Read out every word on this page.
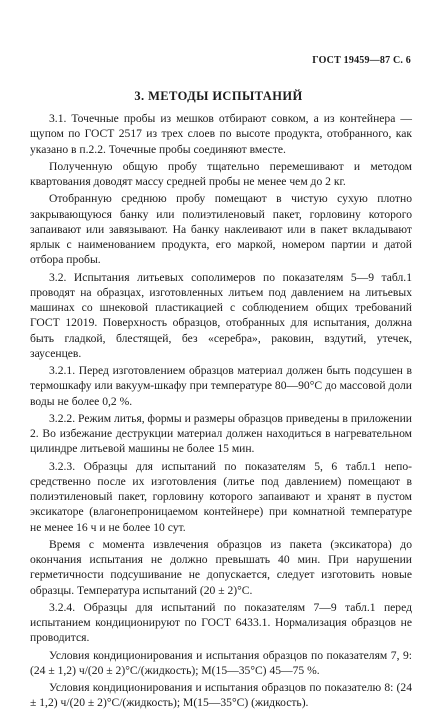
ГОСТ 19459—87 С. 6
3. МЕТОДЫ ИСПЫТАНИЙ

3.1. Точечные пробы из мешков отбирают совком, а из контейнера — щупом по ГОСТ 2517 из трех слоев по высоте продукта, отобранного, как указано в п.2.2. Точечные пробы соединяют вместе.

Полученную общую пробу тщательно перемешивают и методом квартования доводят массу средней пробы не менее чем до 2 кг.

Отобранную среднюю пробу помещают в чистую сухую плотно закрывающуюся банку или полиэтиленовый пакет, горловину которого запаивают или завязывают. На банку наклеивают или в пакет вкладывают ярлык с наименованием продукта, его маркой, номером партии и датой отбора пробы.

3.2. Испытания литьевых сополимеров по показателям 5—9 табл.1 проводят на образцах, изготовленных литьем под давлением на литьевых машинах со шнековой пластикацией с соблюдением общих требований ГОСТ 12019. Поверхность образцов, отобранных для испытания, должна быть гладкой, блестящей, без «серебра», раковин, вздутий, утечек, заусенцев.

3.2.1. Перед изготовлением образцов материал должен быть подсушен в термошкафу или вакуум-шкафу при температуре 80—90°С до массовой доли воды не более 0,2 %.

3.2.2. Режим литья, формы и размеры образцов приведены в приложении 2. Во избежание деструкции материал должен находиться в нагревательном цилиндре литьевой машины не более 15 мин.

3.2.3. Образцы для испытаний по показателям 5, 6 табл.1 непосредственно после их изготовления (литье под давлением) помещают в полиэтиленовый пакет, горловину которого запаивают и хранят в пустом эксикаторе (влагонепроницаемом контейнере) при комнатной температуре не менее 16 ч и не более 10 сут.

Время с момента извлечения образцов из пакета (эксикатора) до окончания испытания не должно превышать 40 мин. При нарушении герметичности подсушивание не допускается, следует изготовить новые образцы. Температура испытаний (20 ± 2)°С.

3.2.4. Образцы для испытаний по показателям 7—9 табл.1 перед испытанием кондиционируют по ГОСТ 6433.1. Нормализация образцов не проводится.

Условия кондиционирования и испытания образцов по показателям 7, 9: (24 ± 1,2) ч/(20 ± 2)°С/(жидкость); М(15—35°С) 45—75 %.

Условия кондиционирования и испытания образцов по показателю 8: (24 ± 1,2) ч/(20 ± 2)°С/(жидкость); М(15—35°С) (жидкость).
